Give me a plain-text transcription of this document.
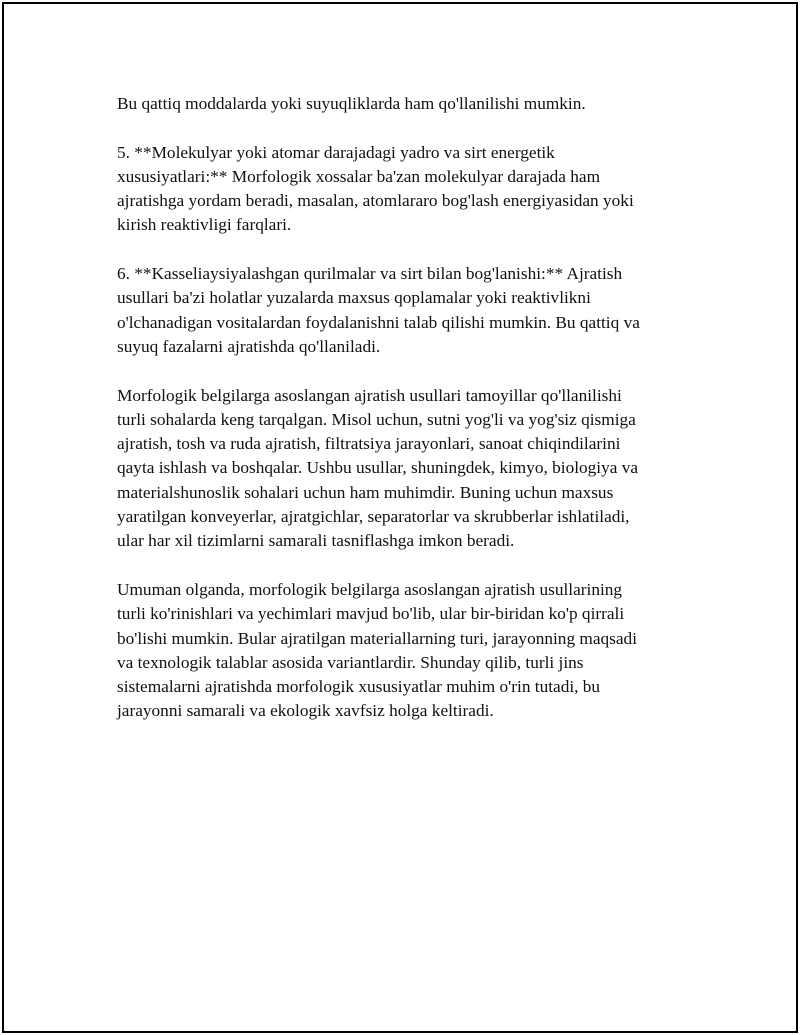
Bu qattiq moddalarda yoki suyuqliklarda ham qo'llanilishi mumkin.

5. **Molekulyar yoki atomar darajadagi yadro va sirt energetik
xususiyatlari:** Morfologik xossalar ba'zan molekulyar darajada ham
ajratishga yordam beradi, masalan, atomlararo bog'lash energiyasidan yoki
kirish reaktivligi farqlari.

6. **Kasseliaysiyalashgan qurilmalar va sirt bilan bog'lanishi:** Ajratish
usullari ba'zi holatlar yuzalarda maxsus qoplamalar yoki reaktivlikni
o'lchanadigan vositalardan foydalanishni talab qilishi mumkin. Bu qattiq va
suyuq fazalarni ajratishda qo'llaniladi.

Morfologik belgilarga asoslangan ajratish usullari tamoyillar qo'llanilishi
turli sohalarda keng tarqalgan. Misol uchun, sutni yog'li va yog'siz qismiga
ajratish, tosh va ruda ajratish, filtratsiya jarayonlari, sanoat chiqindilarini
qayta ishlash va boshqalar. Ushbu usullar, shuningdek, kimyo, biologiya va
materialshunoslik sohalari uchun ham muhimdir. Buning uchun maxsus
yaratilgan konveyerlar, ajratgichlar, separatorlar va skrubberlar ishlatiladi,
ular har xil tizimlarni samarali tasniflashga imkon beradi.

Umuman olganda, morfologik belgilarga asoslangan ajratish usullarining
turli ko'rinishlari va yechimlari mavjud bo'lib, ular bir-biridan ko'p qirrali
bo'lishi mumkin. Bular ajratilgan materiallarning turi, jarayonning maqsadi
va texnologik talablar asosida variantlardir. Shunday qilib, turli jins
sistemalarni ajratishda morfologik xususiyatlar muhim o'rin tutadi, bu
jarayonni samarali va ekologik xavfsiz holga keltiradi.
